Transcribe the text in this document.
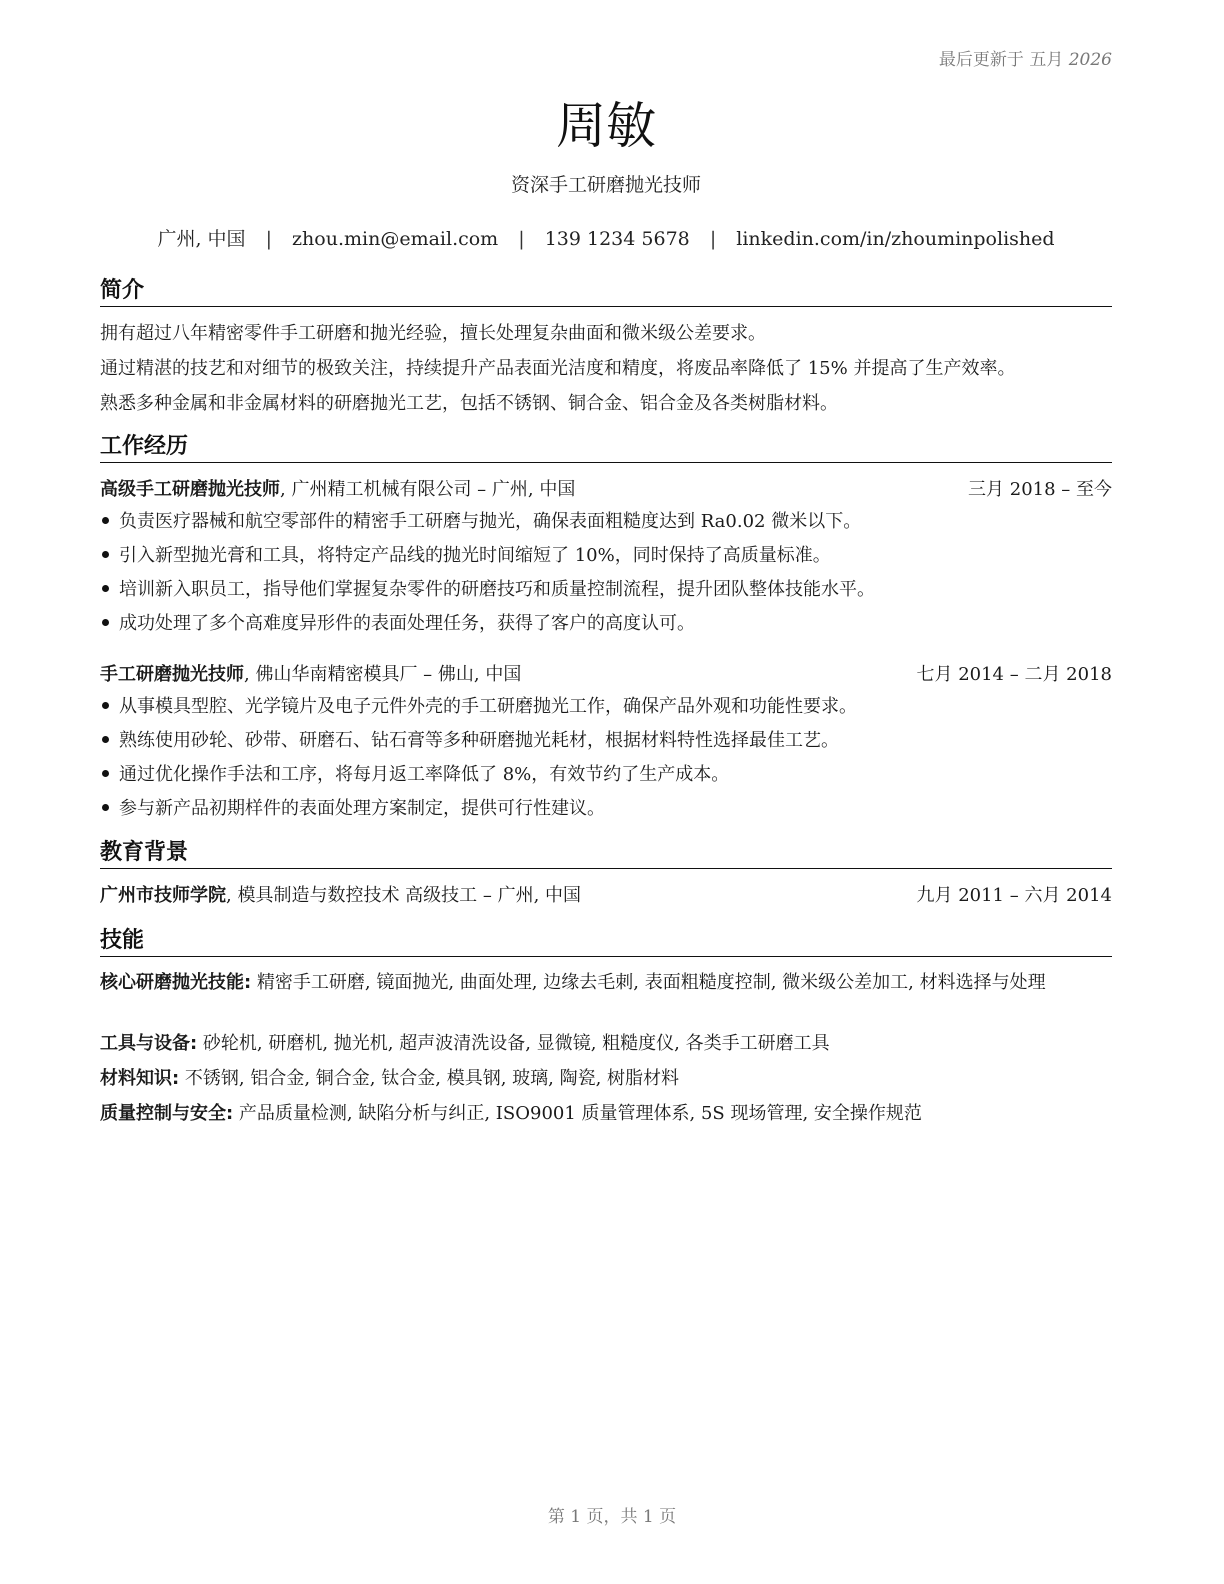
最后更新于 五月 2026
周敏
资深手工研磨抛光技师
广州, 中国 | zhou.min@email.com | 139 1234 5678 | linkedin.com/in/zhouminpolished
简介
拥有超过八年精密零件手工研磨和抛光经验，擅长处理复杂曲面和微米级公差要求。
通过精湛的技艺和对细节的极致关注，持续提升产品表面光洁度和精度，将废品率降低了 15% 并提高了生产效率。
熟悉多种金属和非金属材料的研磨抛光工艺，包括不锈钢、铜合金、铝合金及各类树脂材料。
工作经历
高级手工研磨抛光技师, 广州精工机械有限公司 – 广州, 中国	三月 2018 – 至今
负责医疗器械和航空零部件的精密手工研磨与抛光，确保表面粗糙度达到 Ra0.02 微米以下。
引入新型抛光膏和工具，将特定产品线的抛光时间缩短了 10%，同时保持了高质量标准。
培训新入职员工，指导他们掌握复杂零件的研磨技巧和质量控制流程，提升团队整体技能水平。
成功处理了多个高难度异形件的表面处理任务，获得了客户的高度认可。
手工研磨抛光技师, 佛山华南精密模具厂 – 佛山, 中国	七月 2014 – 二月 2018
从事模具型腔、光学镜片及电子元件外壳的手工研磨抛光工作，确保产品外观和功能性要求。
熟练使用砂轮、砂带、研磨石、钻石膏等多种研磨抛光耗材，根据材料特性选择最佳工艺。
通过优化操作手法和工序，将每月返工率降低了 8%，有效节约了生产成本。
参与新产品初期样件的表面处理方案制定，提供可行性建议。
教育背景
广州市技师学院, 模具制造与数控技术 高级技工 – 广州, 中国	九月 2011 – 六月 2014
技能
核心研磨抛光技能: 精密手工研磨, 镜面抛光, 曲面处理, 边缘去毛刺, 表面粗糙度控制, 微米级公差加工, 材料选择与处理
工具与设备: 砂轮机, 研磨机, 抛光机, 超声波清洗设备, 显微镜, 粗糙度仪, 各类手工研磨工具
材料知识: 不锈钢, 铝合金, 铜合金, 钛合金, 模具钢, 玻璃, 陶瓷, 树脂材料
质量控制与安全: 产品质量检测, 缺陷分析与纠正, ISO9001 质量管理体系, 5S 现场管理, 安全操作规范
第 1 页，共 1 页
